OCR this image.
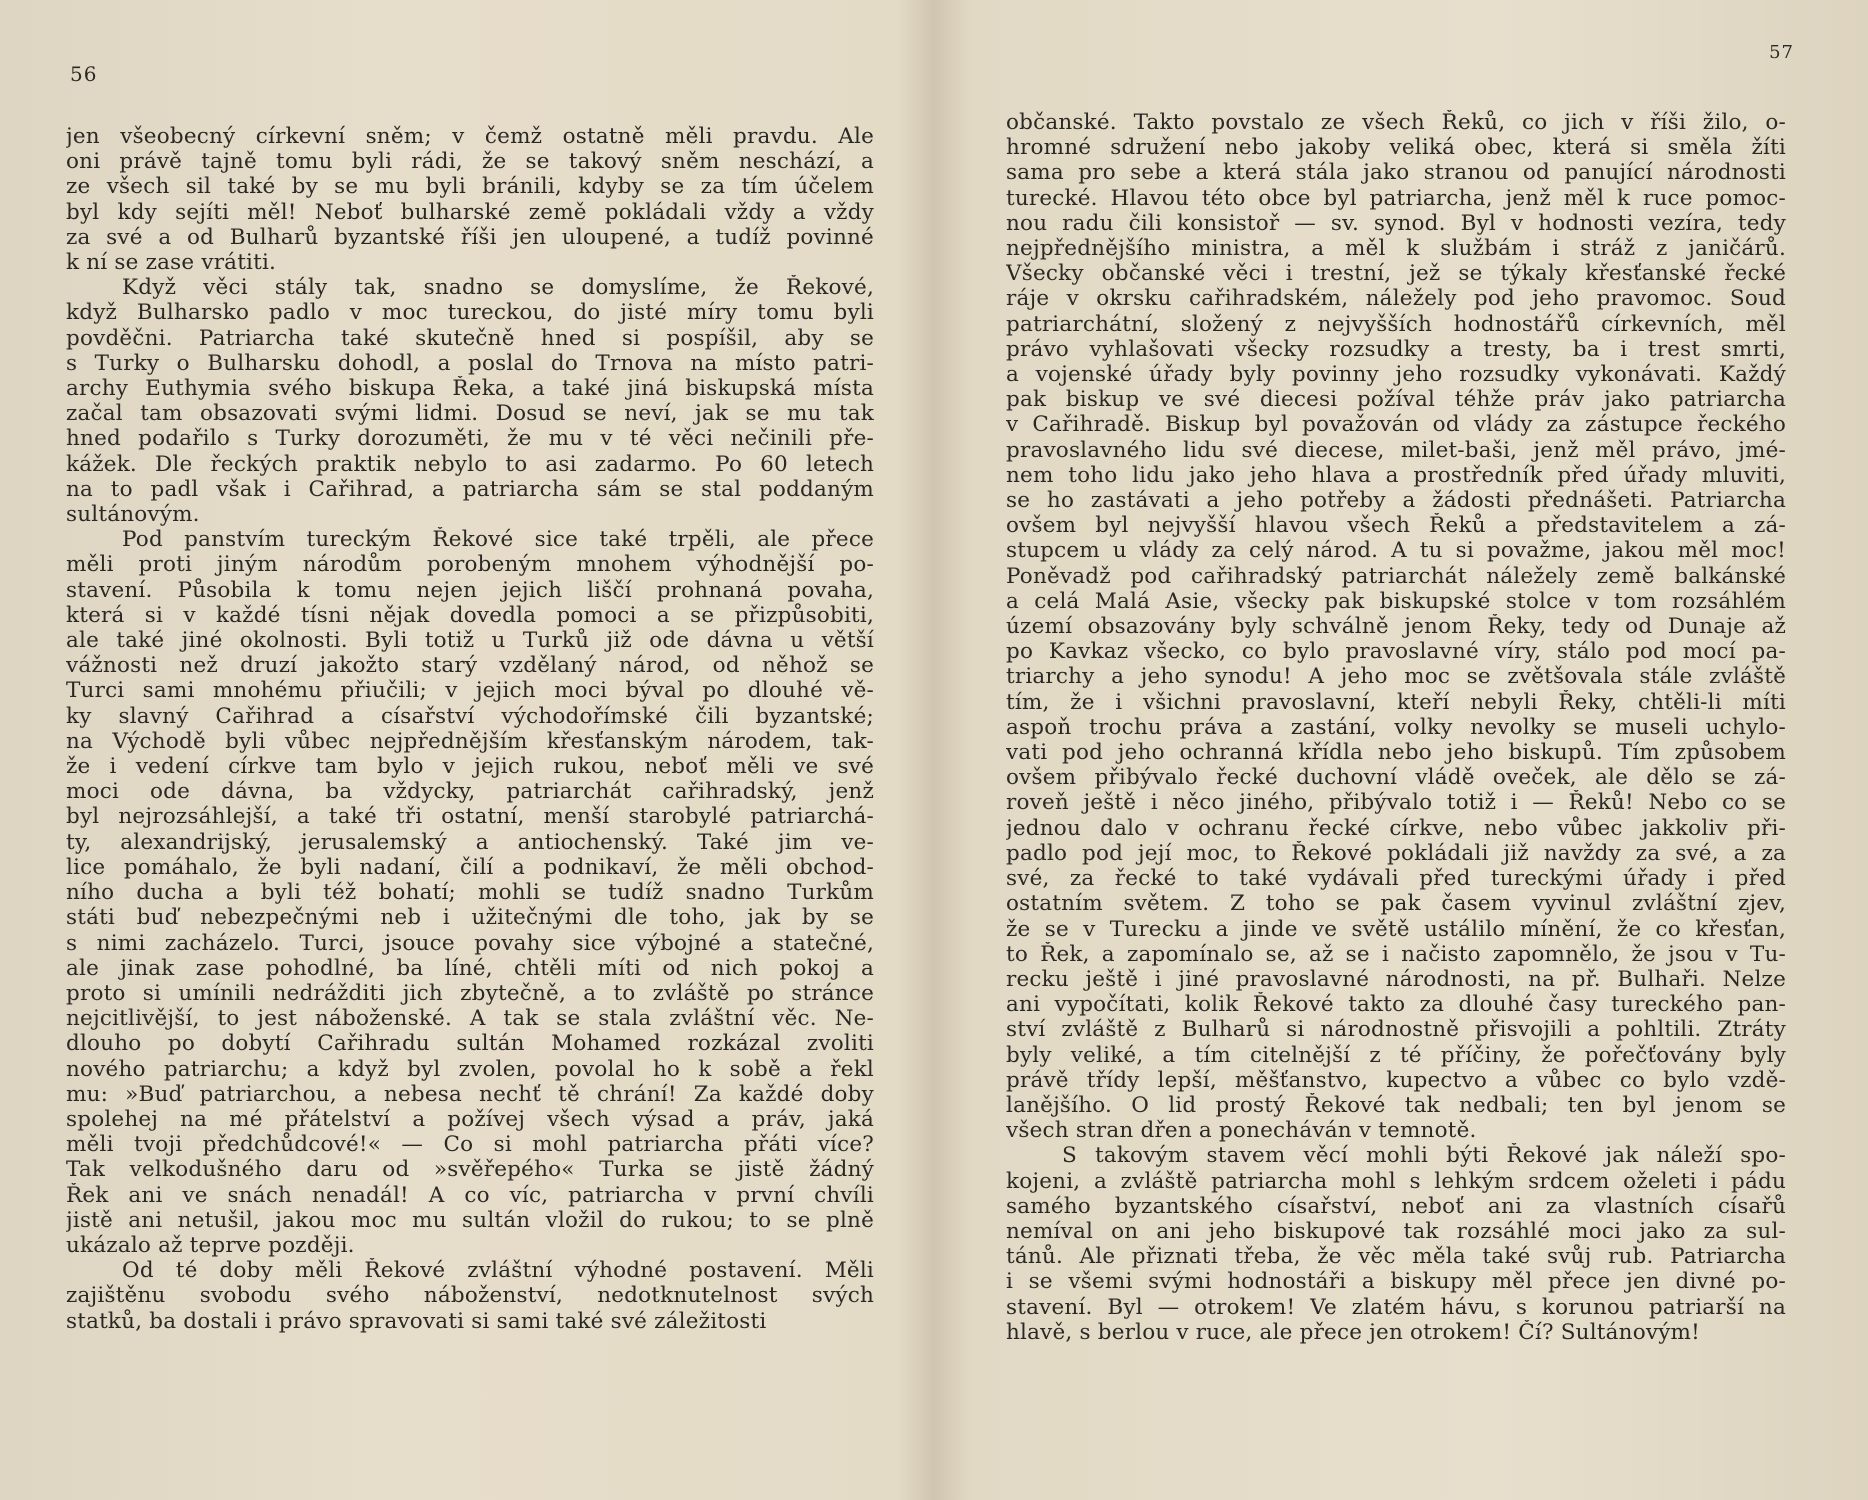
56
jen všeobecný církevní sněm; v čemž ostatně měli pravdu. Ale
oni právě tajně tomu byli rádi, že se takový sněm neschází, a
ze všech sil také by se mu byli bránili, kdyby se za tím účelem
byl kdy sejíti měl! Neboť bulharské země pokládali vždy a vždy
za své a od Bulharů byzantské říši jen uloupené, a tudíž povinné
k ní se zase vrátiti.
Když věci stály tak, snadno se domyslíme, že Řekové,
když Bulharsko padlo v moc tureckou, do jisté míry tomu byli
povděčni. Patriarcha také skutečně hned si pospíšil, aby se
s Turky o Bulharsku dohodl, a poslal do Trnova na místo patri-
archy Euthymia svého biskupa Řeka, a také jiná biskupská místa
začal tam obsazovati svými lidmi. Dosud se neví, jak se mu tak
hned podařilo s Turky dorozuměti, že mu v té věci nečinili pře-
kážek. Dle řeckých praktik nebylo to asi zadarmo. Po 60 letech
na to padl však i Cařihrad, a patriarcha sám se stal poddaným
sultánovým.
Pod panstvím tureckým Řekové sice také trpěli, ale přece
měli proti jiným národům porobeným mnohem výhodnější po-
stavení. Působila k tomu nejen jejich liščí prohnaná povaha,
která si v každé tísni nějak dovedla pomoci a se přizpůsobiti,
ale také jiné okolnosti. Byli totiž u Turků již ode dávna u větší
vážnosti než druzí jakožto starý vzdělaný národ, od něhož se
Turci sami mnohému přiučili; v jejich moci býval po dlouhé vě-
ky slavný Cařihrad a císařství východořímské čili byzantské;
na Východě byli vůbec nejpřednějším křesťanským národem, tak-
že i vedení církve tam bylo v jejich rukou, neboť měli ve své
moci ode dávna, ba vždycky, patriarchát cařihradský, jenž
byl nejrozsáhlejší, a také tři ostatní, menší starobylé patriarchá-
ty, alexandrijský, jerusalemský a antiochenský. Také jim ve-
lice pomáhalo, že byli nadaní, čilí a podnikaví, že měli obchod-
ního ducha a byli též bohatí; mohli se tudíž snadno Turkům
státi buď nebezpečnými neb i užitečnými dle toho, jak by se
s nimi zacházelo. Turci, jsouce povahy sice výbojné a statečné,
ale jinak zase pohodlné, ba líné, chtěli míti od nich pokoj a
proto si umínili nedrážditi jich zbytečně, a to zvláště po stránce
nejcitlivější, to jest náboženské. A tak se stala zvláštní věc. Ne-
dlouho po dobytí Cařihradu sultán Mohamed rozkázal zvoliti
nového patriarchu; a když byl zvolen, povolal ho k sobě a řekl
mu: »Buď patriarchou, a nebesa nechť tě chrání! Za každé doby
spolehej na mé přátelství a požívej všech výsad a práv, jaká
měli tvoji předchůdcové!« — Co si mohl patriarcha přáti více?
Tak velkodušného daru od »svěřepého« Turka se jistě žádný
Řek ani ve snách nenadál! A co víc, patriarcha v první chvíli
jistě ani netušil, jakou moc mu sultán vložil do rukou; to se plně
ukázalo až teprve později.
Od té doby měli Řekové zvláštní výhodné postavení. Měli
zajištěnu svobodu svého náboženství, nedotknutelnost svých
statků, ba dostali i právo spravovati si sami také své záležitosti
57
občanské. Takto povstalo ze všech Řeků, co jich v říši žilo, o-
hromné sdružení nebo jakoby veliká obec, která si směla žíti
sama pro sebe a která stála jako stranou od panující národnosti
turecké. Hlavou této obce byl patriarcha, jenž měl k ruce pomoc-
nou radu čili konsistoř — sv. synod. Byl v hodnosti vezíra, tedy
nejpřednějšího ministra, a měl k službám i stráž z janičárů.
Všecky občanské věci i trestní, jež se týkaly křesťanské řecké
ráje v okrsku cařihradském, náležely pod jeho pravomoc. Soud
patriarchátní, složený z nejvyšších hodnostářů církevních, měl
právo vyhlašovati všecky rozsudky a tresty, ba i trest smrti,
a vojenské úřady byly povinny jeho rozsudky vykonávati. Každý
pak biskup ve své diecesi požíval téhže práv jako patriarcha
v Cařihradě. Biskup byl považován od vlády za zástupce řeckého
pravoslavného lidu své diecese, milet-baši, jenž měl právo, jmé-
nem toho lidu jako jeho hlava a prostředník před úřady mluviti,
se ho zastávati a jeho potřeby a žádosti přednášeti. Patriarcha
ovšem byl nejvyšší hlavou všech Řeků a představitelem a zá-
stupcem u vlády za celý národ. A tu si považme, jakou měl moc!
Poněvadž pod cařihradský patriarchát náležely země balkánské
a celá Malá Asie, všecky pak biskupské stolce v tom rozsáhlém
území obsazovány byly schválně jenom Řeky, tedy od Dunaje až
po Kavkaz všecko, co bylo pravoslavné víry, stálo pod mocí pa-
triarchy a jeho synodu! A jeho moc se zvětšovala stále zvláště
tím, že i všichni pravoslavní, kteří nebyli Řeky, chtěli-li míti
aspoň trochu práva a zastání, volky nevolky se museli uchylo-
vati pod jeho ochranná křídla nebo jeho biskupů. Tím způsobem
ovšem přibývalo řecké duchovní vládě oveček, ale dělo se zá-
roveň ještě i něco jiného, přibývalo totiž i — Řeků! Nebo co se
jednou dalo v ochranu řecké církve, nebo vůbec jakkoliv při-
padlo pod její moc, to Řekové pokládali již navždy za své, a za
své, za řecké to také vydávali před tureckými úřady i před
ostatním světem. Z toho se pak časem vyvinul zvláštní zjev,
že se v Turecku a jinde ve světě ustálilo mínění, že co křesťan,
to Řek, a zapomínalo se, až se i načisto zapomnělo, že jsou v Tu-
recku ještě i jiné pravoslavné národnosti, na př. Bulhaři. Nelze
ani vypočítati, kolik Řekové takto za dlouhé časy tureckého pan-
ství zvláště z Bulharů si národnostně přisvojili a pohltili. Ztráty
byly veliké, a tím citelnější z té příčiny, že pořečťovány byly
právě třídy lepší, měšťanstvo, kupectvo a vůbec co bylo vzdě-
lanějšího. O lid prostý Řekové tak nedbali; ten byl jenom se
všech stran dřen a ponecháván v temnotě.
S takovým stavem věcí mohli býti Řekové jak náleží spo-
kojeni, a zvláště patriarcha mohl s lehkým srdcem oželeti i pádu
samého byzantského císařství, neboť ani za vlastních císařů
nemíval on ani jeho biskupové tak rozsáhlé moci jako za sul-
tánů. Ale přiznati třeba, že věc měla také svůj rub. Patriarcha
i se všemi svými hodnostáři a biskupy měl přece jen divné po-
stavení. Byl — otrokem! Ve zlatém hávu, s korunou patriarší na
hlavě, s berlou v ruce, ale přece jen otrokem! Čí? Sultánovým!
